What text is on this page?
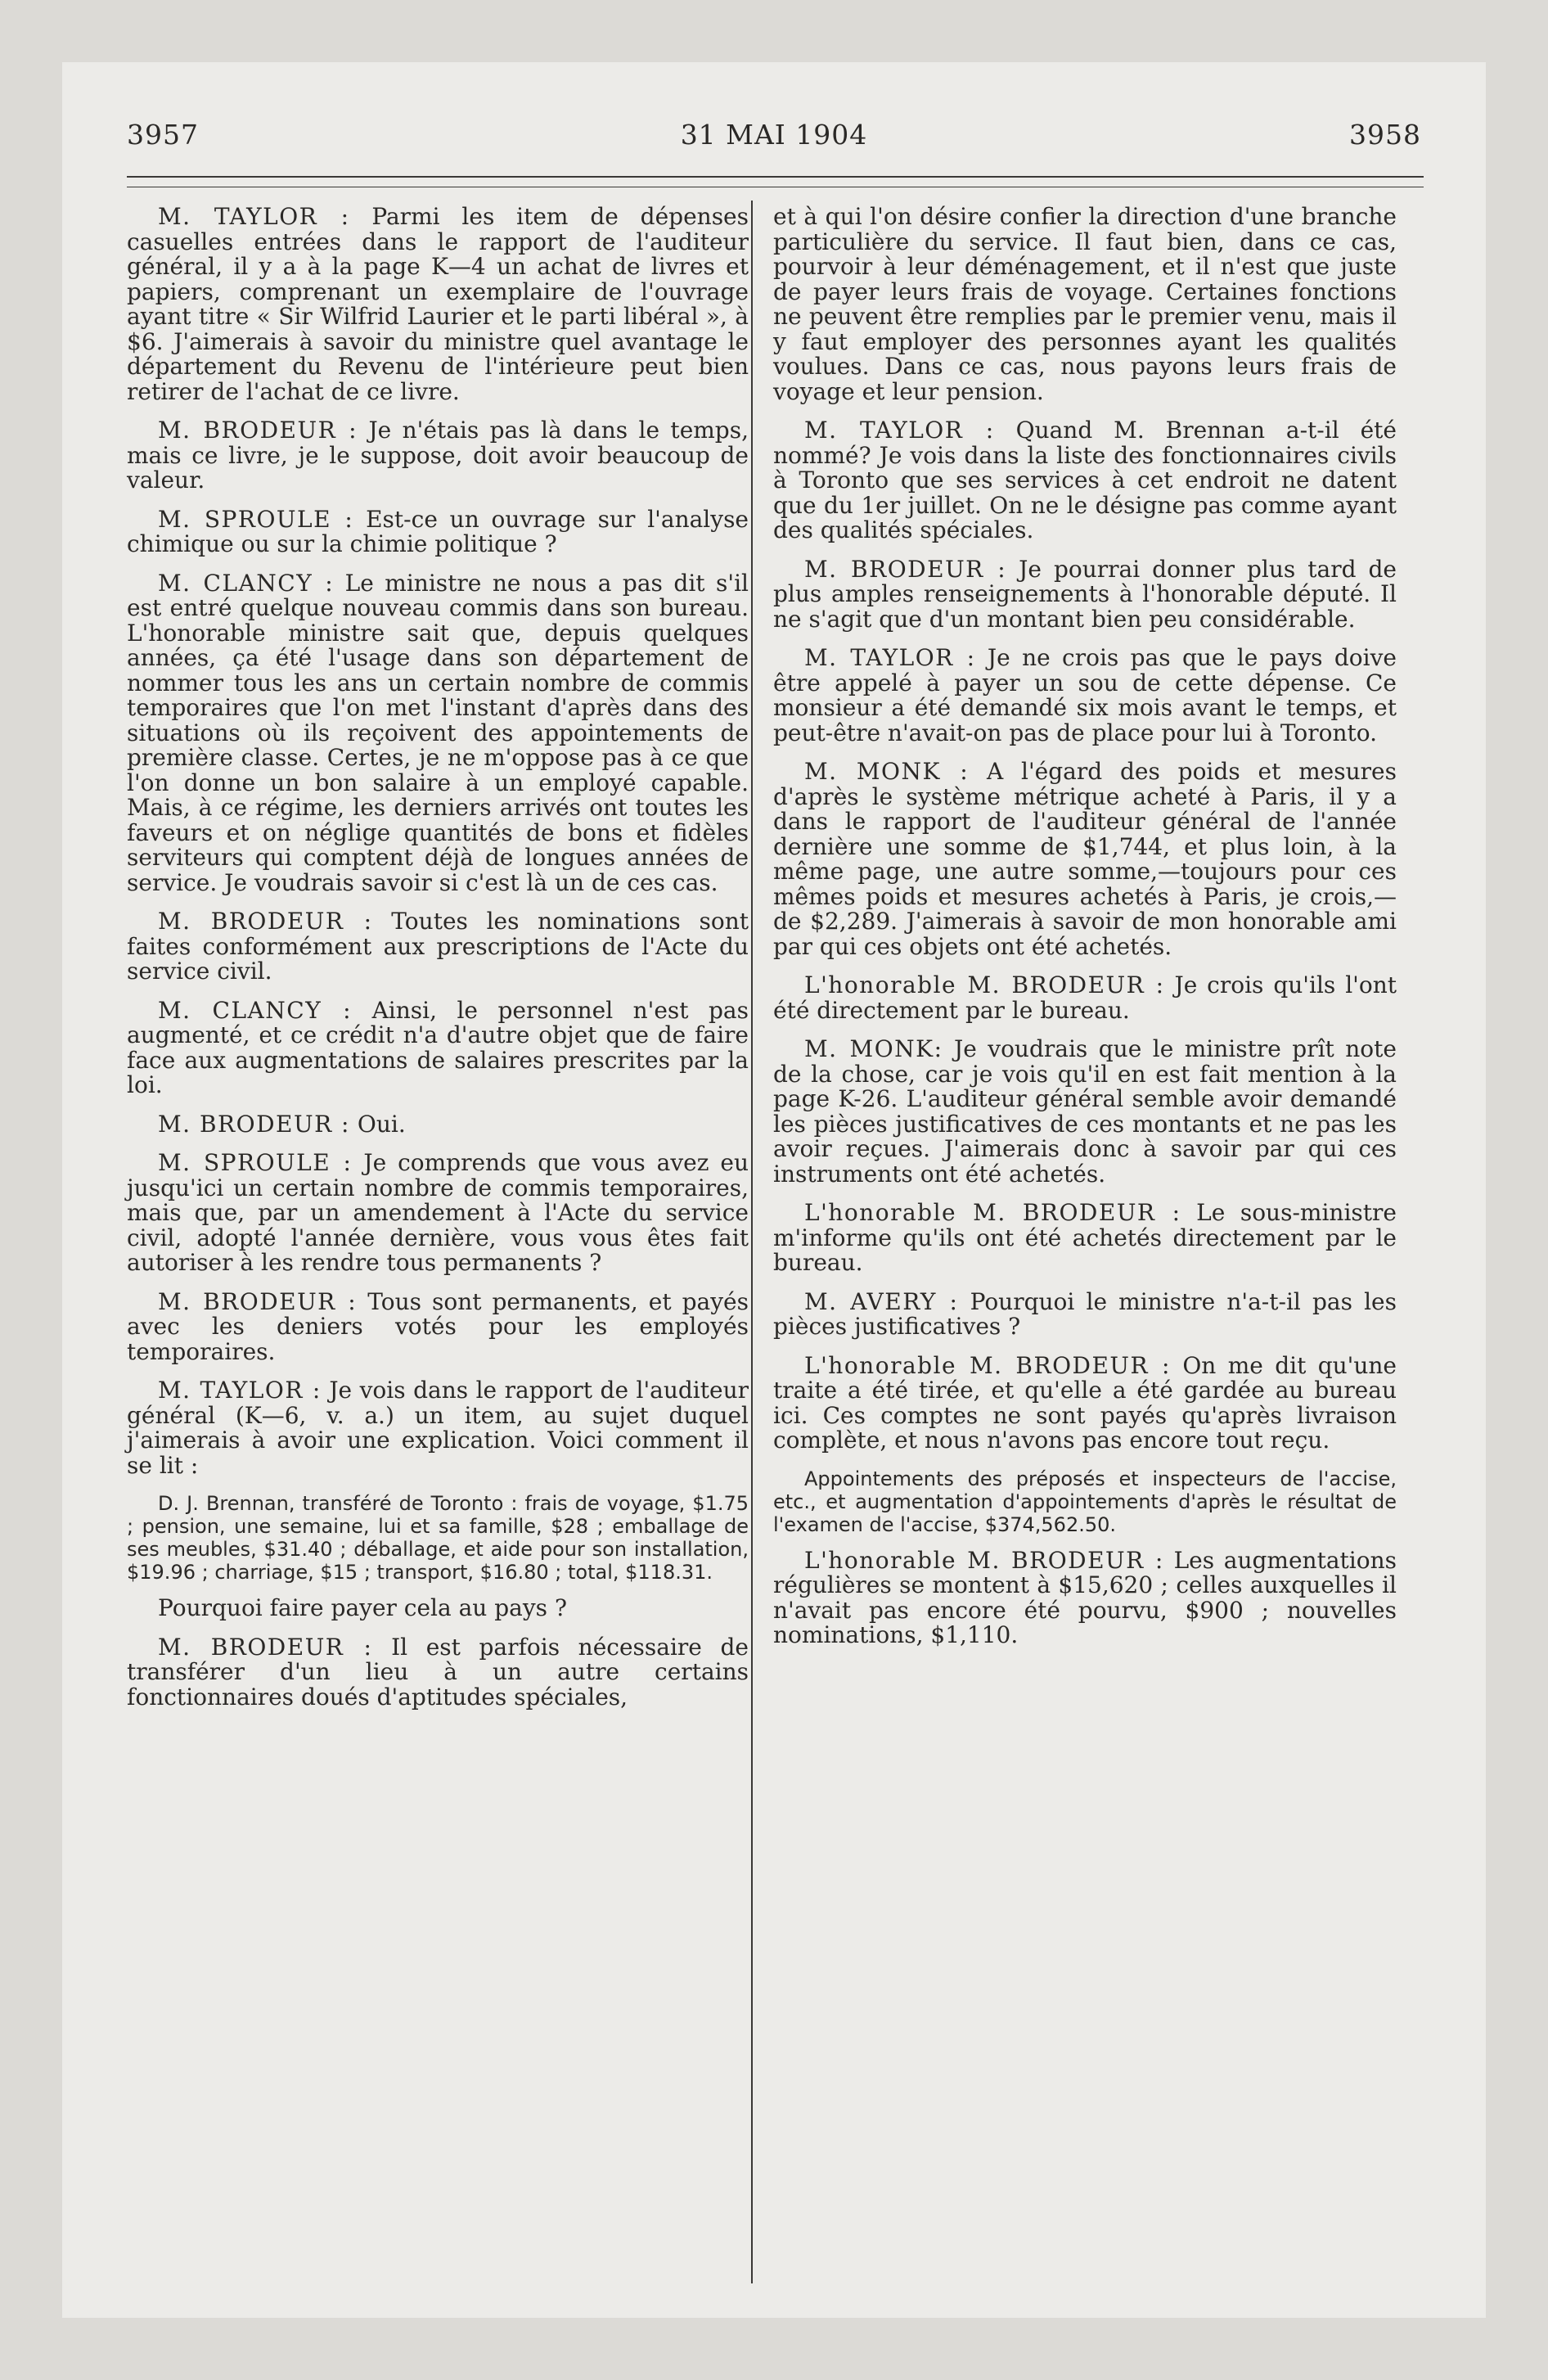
3957	31 MAI 1904	3958

M. TAYLOR : Parmi les item de dépenses casuelles entrées dans le rapport de l'auditeur général, il y a à la page K—4 un achat de livres et papiers, comprenant un exemplaire de l'ouvrage ayant titre « Sir Wilfrid Laurier et le parti libéral », à $6. J'aimerais à savoir du ministre quel avantage le département du Revenu de l'intérieure peut bien retirer de l'achat de ce livre.

M. BRODEUR : Je n'étais pas là dans le temps, mais ce livre, je le suppose, doit avoir beaucoup de valeur.

M. SPROULE : Est-ce un ouvrage sur l'analyse chimique ou sur la chimie politique ?

M. CLANCY : Le ministre ne nous a pas dit s'il est entré quelque nouveau commis dans son bureau. L'honorable ministre sait que, depuis quelques années, ça été l'usage dans son département de nommer tous les ans un certain nombre de commis temporaires que l'on met l'instant d'après dans des situations où ils reçoivent des appointements de première classe. Certes, je ne m'oppose pas à ce que l'on donne un bon salaire à un employé capable. Mais, à ce régime, les derniers arrivés ont toutes les faveurs et on néglige quantités de bons et fidèles serviteurs qui comptent déjà de longues années de service. Je voudrais savoir si c'est là un de ces cas.

M. BRODEUR : Toutes les nominations sont faites conformément aux prescriptions de l'Acte du service civil.

M. CLANCY : Ainsi, le personnel n'est pas augmenté, et ce crédit n'a d'autre objet que de faire face aux augmentations de salaires prescrites par la loi.

M. BRODEUR : Oui.

M. SPROULE : Je comprends que vous avez eu jusqu'ici un certain nombre de commis temporaires, mais que, par un amendement à l'Acte du service civil, adopté l'année dernière, vous vous êtes fait autoriser à les rendre tous permanents ?

M. BRODEUR : Tous sont permanents, et payés avec les deniers votés pour les employés temporaires.

M. TAYLOR : Je vois dans le rapport de l'auditeur général (K—6, v. a.) un item, au sujet duquel j'aimerais à avoir une explication. Voici comment il se lit :

D. J. Brennan, transféré de Toronto : frais de voyage, $1.75 ; pension, une semaine, lui et sa famille, $28 ; emballage de ses meubles, $31.40 ; déballage, et aide pour son installation, $19.96 ; charriage, $15 ; transport, $16.80 ; total, $118.31.

Pourquoi faire payer cela au pays ?

M. BRODEUR : Il est parfois nécessaire de transférer d'un lieu à un autre certains fonctionnaires doués d'aptitudes spéciales,

et à qui l'on désire confier la direction d'une branche particulière du service. Il faut bien, dans ce cas, pourvoir à leur déménagement, et il n'est que juste de payer leurs frais de voyage. Certaines fonctions ne peuvent être remplies par le premier venu, mais il y faut employer des personnes ayant les qualités voulues. Dans ce cas, nous payons leurs frais de voyage et leur pension.

M. TAYLOR : Quand M. Brennan a-t-il été nommé? Je vois dans la liste des fonctionnaires civils à Toronto que ses services à cet endroit ne datent que du 1er juillet. On ne le désigne pas comme ayant des qualités spéciales.

M. BRODEUR : Je pourrai donner plus tard de plus amples renseignements à l'honorable député. Il ne s'agit que d'un montant bien peu considérable.

M. TAYLOR : Je ne crois pas que le pays doive être appelé à payer un sou de cette dépense. Ce monsieur a été demandé six mois avant le temps, et peut-être n'avait-on pas de place pour lui à Toronto.

M. MONK : A l'égard des poids et mesures d'après le système métrique acheté à Paris, il y a dans le rapport de l'auditeur général de l'année dernière une somme de $1,744, et plus loin, à la même page, une autre somme,—toujours pour ces mêmes poids et mesures achetés à Paris, je crois,—de $2,289. J'aimerais à savoir de mon honorable ami par qui ces objets ont été achetés.

L'honorable M. BRODEUR : Je crois qu'ils l'ont été directement par le bureau.

M. MONK: Je voudrais que le ministre prît note de la chose, car je vois qu'il en est fait mention à la page K-26. L'auditeur général semble avoir demandé les pièces justificatives de ces montants et ne pas les avoir reçues. J'aimerais donc à savoir par qui ces instruments ont été achetés.

L'honorable M. BRODEUR : Le sous-ministre m'informe qu'ils ont été achetés directement par le bureau.

M. AVERY : Pourquoi le ministre n'a-t-il pas les pièces justificatives ?

L'honorable M. BRODEUR : On me dit qu'une traite a été tirée, et qu'elle a été gardée au bureau ici. Ces comptes ne sont payés qu'après livraison complète, et nous n'avons pas encore tout reçu.

Appointements des préposés et inspecteurs de l'accise, etc., et augmentation d'appointements d'après le résultat de l'examen de l'accise, $374,562.50.

L'honorable M. BRODEUR : Les augmentations régulières se montent à $15,620 ; celles auxquelles il n'avait pas encore été pourvu, $900 ; nouvelles nominations, $1,110.
